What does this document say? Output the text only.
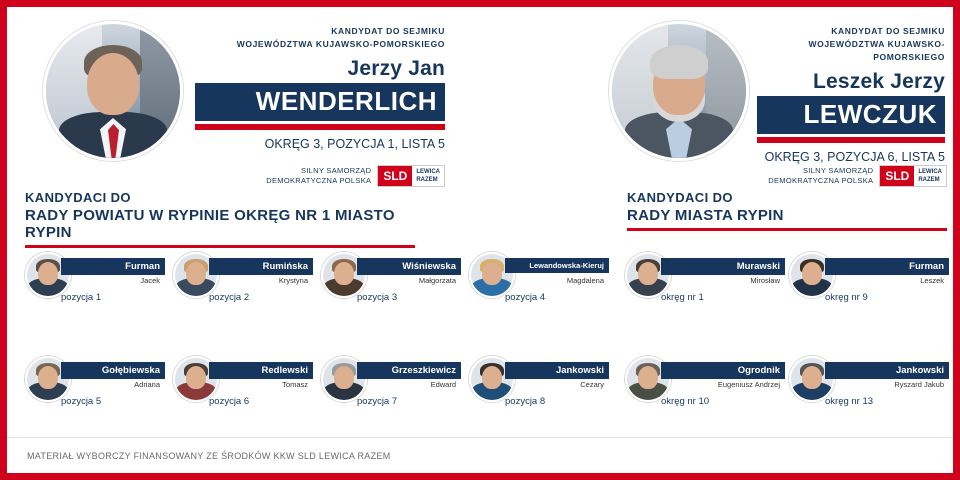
KANDYDAT DO SEJMIKU
WOJEWÓDZTWA KUJAWSKO-POMORSKIEGO
Jerzy Jan
WENDERLICH
OKRĘG 3, POZYCJA 1, LISTA 5
SILNY SAMORZĄD
DEMOKRATYCZNA POLSKA	SLD	LEWICA
RAZEM
KANDYDAT DO SEJMIKU
WOJEWÓDZTWA KUJAWSKO-POMORSKIEGO
Leszek Jerzy
LEWCZUK
OKRĘG 3, POZYCJA 6, LISTA 5
SILNY SAMORZĄD
DEMOKRATYCZNA POLSKA	SLD	LEWICA
RAZEM
KANDYDACI DO
RADY POWIATU W RYPINIE OKRĘG NR 1 MIASTO RYPIN
KANDYDACI DO
RADY MIASTA RYPIN
Furman
Jacek
pozycja 1
Rumińska
Krystyna
pozycja 2
Wiśniewska
Małgorzata
pozycja 3
Lewandowska-Kieruj
Magdalena
pozycja 4
Gołębiewska
Adriana
pozycja 5
Redlewski
Tomasz
pozycja 6
Grzeszkiewicz
Edward
pozycja 7
Jankowski
Cezary
pozycja 8
Murawski
Mirosław
okręg nr 1
Furman
Leszek
okręg nr 9
Ogrodnik
Eugeniusz Andrzej
okręg nr 10
Jankowski
Ryszard Jakub
okręg nr 13
MATERIAŁ WYBORCZY FINANSOWANY ZE ŚRODKÓW KKW SLD LEWICA RAZEM
